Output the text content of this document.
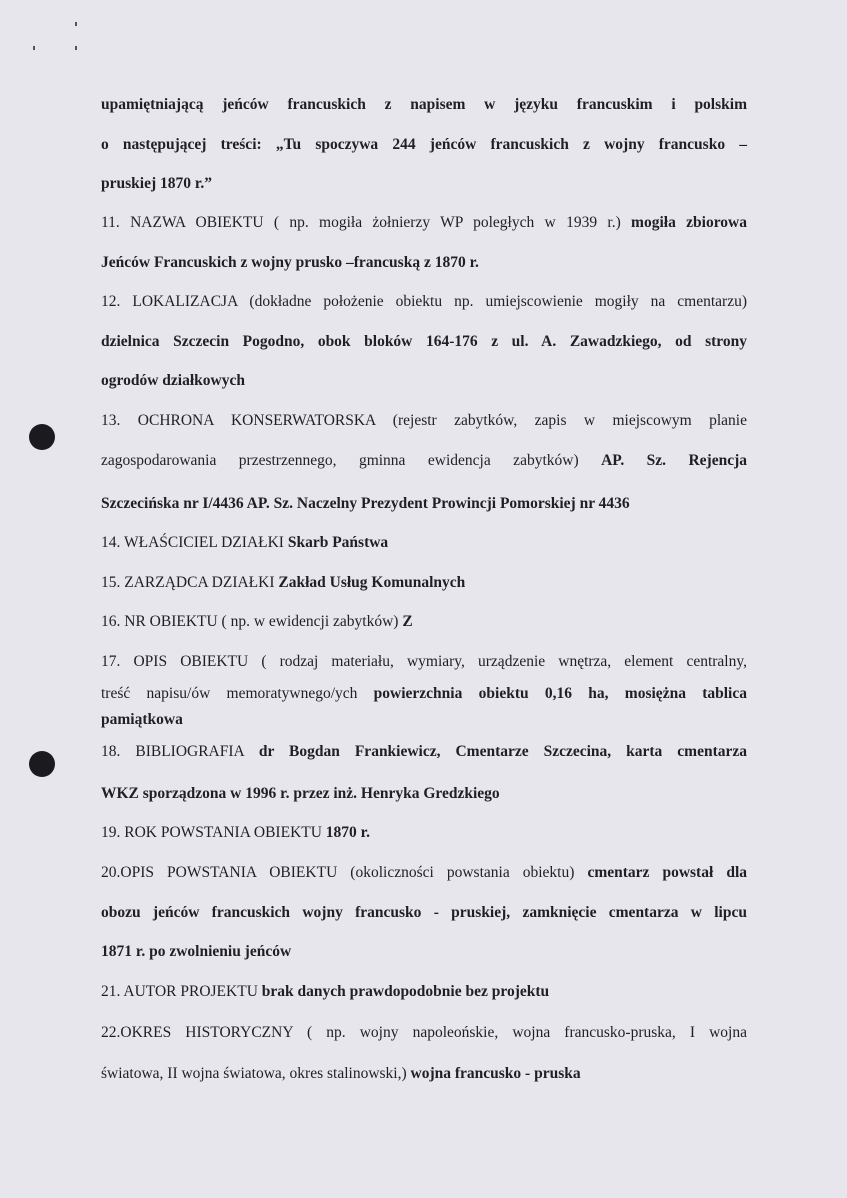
upamiętniającą jeńców francuskich z napisem w języku francuskim i polskim
o następującej treści: „Tu spoczywa 244 jeńców francuskich z wojny francusko –
pruskiej 1870 r.”
11. NAZWA OBIEKTU ( np. mogiła żołnierzy WP poległych w 1939 r.) mogiła zbiorowa
Jeńców Francuskich z wojny prusko –francuską z 1870 r.
12. LOKALIZACJA (dokładne położenie obiektu np. umiejscowienie mogiły na cmentarzu)
dzielnica Szczecin Pogodno, obok bloków 164-176 z ul. A. Zawadzkiego, od strony
ogrodów działkowych
13. OCHRONA KONSERWATORSKA (rejestr zabytków, zapis w miejscowym planie
zagospodarowania przestrzennego, gminna ewidencja zabytków) AP. Sz. Rejencja
Szczecińska nr I/4436 AP. Sz. Naczelny Prezydent Prowincji Pomorskiej nr 4436
14. WŁAŚCICIEL DZIAŁKI Skarb Państwa
15. ZARZĄDCA DZIAŁKI Zakład Usług Komunalnych
16. NR OBIEKTU ( np. w ewidencji zabytków) Z
17. OPIS OBIEKTU ( rodzaj materiału, wymiary, urządzenie wnętrza, element centralny,
treść napisu/ów memoratywnego/ych powierzchnia obiektu 0,16 ha, mosiężna tablica
pamiątkowa
18. BIBLIOGRAFIA dr Bogdan Frankiewicz, Cmentarze Szczecina, karta cmentarza
WKZ sporządzona w 1996 r. przez inż. Henryka Gredzkiego
19. ROK POWSTANIA OBIEKTU 1870 r.
20.OPIS POWSTANIA OBIEKTU (okoliczności powstania obiektu) cmentarz powstał dla
obozu jeńców francuskich wojny francusko - pruskiej, zamknięcie cmentarza w lipcu
1871 r. po zwolnieniu jeńców
21. AUTOR PROJEKTU brak danych prawdopodobnie bez projektu
22.OKRES HISTORYCZNY ( np. wojny napoleońskie, wojna francusko-pruska, I wojna
światowa, II wojna światowa, okres stalinowski,) wojna francusko - pruska
